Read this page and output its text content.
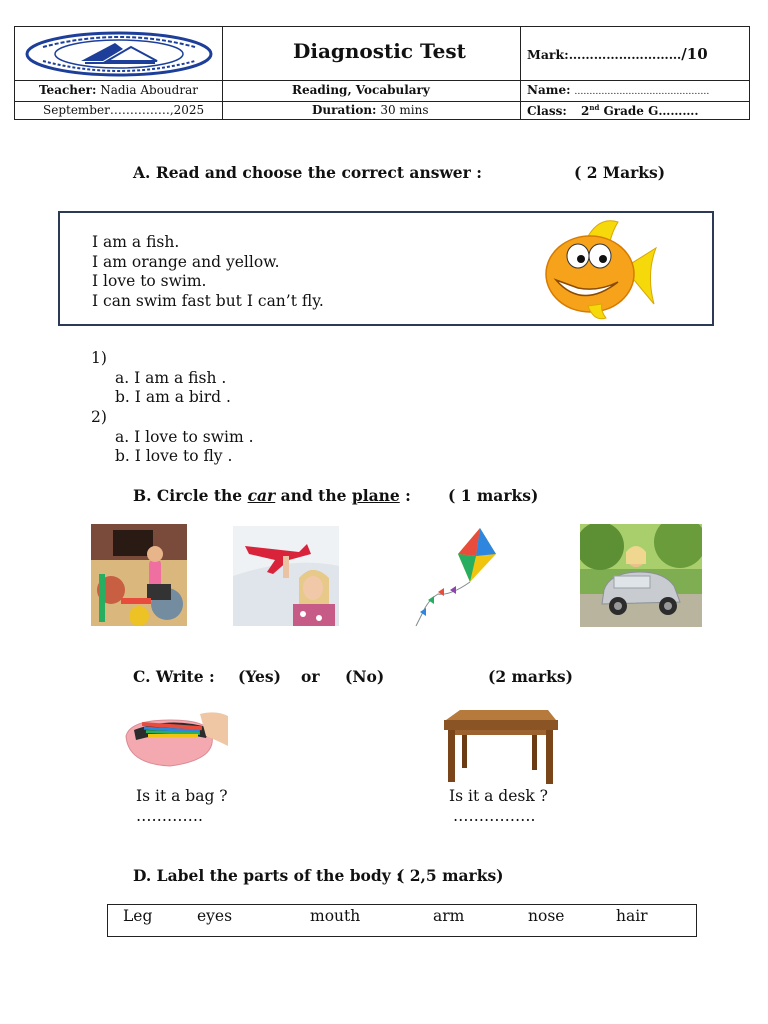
Diagnostic Test	Mark:………………………/10
Teacher: Nadia Aboudrar	Reading, Vocabulary	Name: ………………………………………
September……………,2025	Duration: 30 mins	Class: 2nd Grade G……….
A. Read and choose the correct answer :	( 2 Marks)
I am a fish.
I am orange and yellow.
I love to swim.
I can swim fast but I can’t fly.
1)
a. I am a fish .
b. I am a bird .
2)
a. I love to swim .
b. I love to fly .
B. Circle the car and the plane : ( 1 marks)
C. Write : (Yes) or (No)	(2 marks)
Is it a bag ?
………….
Is it a desk ?
…………….
D. Label the parts of the body :
( 2,5 marks)
Leg	eyes	mouth	arm	nose	hair
